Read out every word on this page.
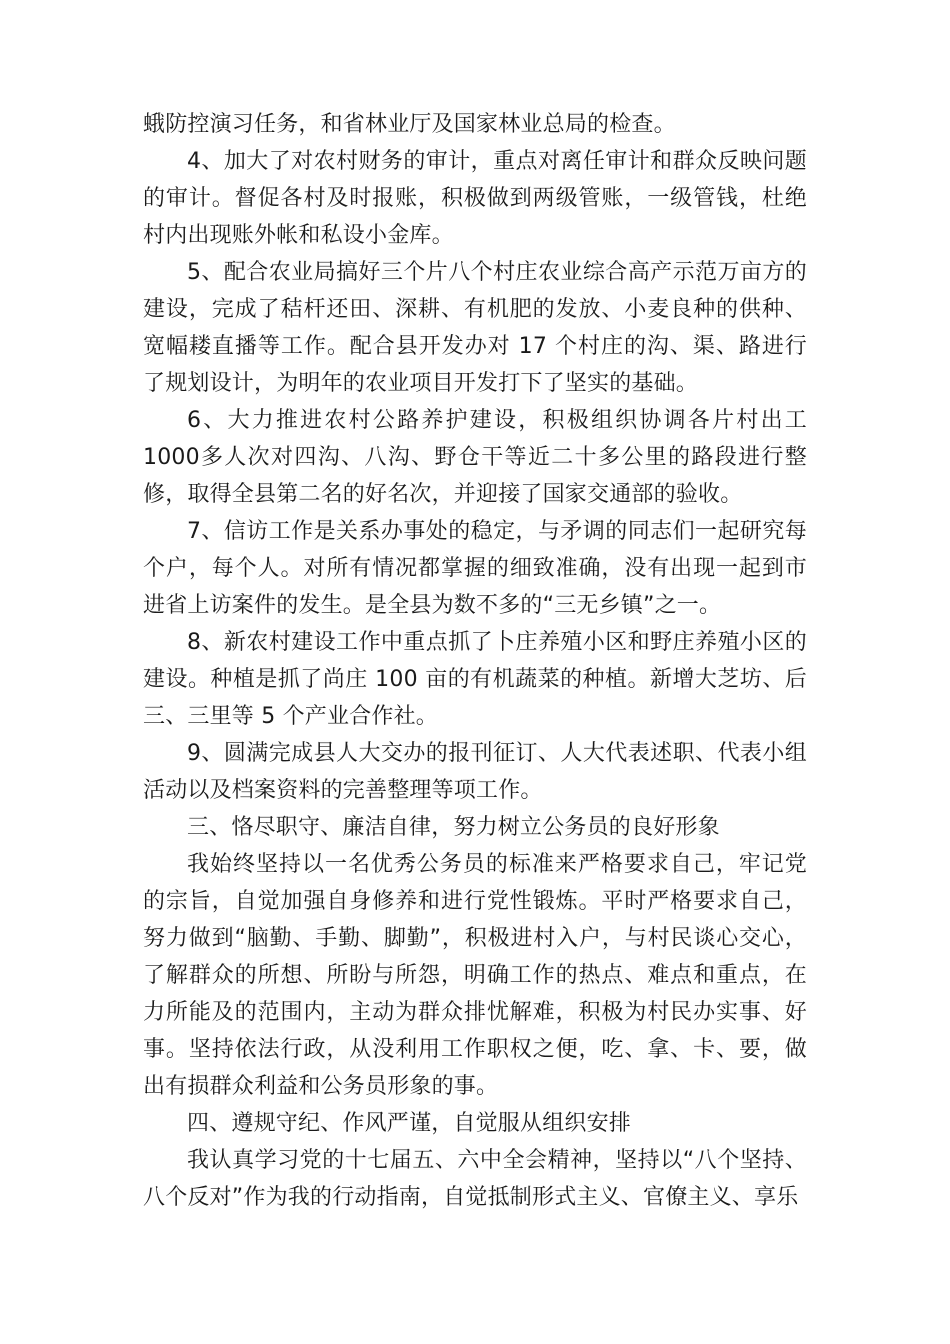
蛾防控演习任务，和省林业厅及国家林业总局的检查。

4、加大了对农村财务的审计，重点对离任审计和群众反映问题的审计。督促各村及时报账，积极做到两级管账，一级管钱，杜绝村内出现账外帐和私设小金库。

5、配合农业局搞好三个片八个村庄农业综合高产示范万亩方的建设，完成了秸杆还田、深耕、有机肥的发放、小麦良种的供种、宽幅耧直播等工作。配合县开发办对 17 个村庄的沟、渠、路进行了规划设计，为明年的农业项目开发打下了坚实的基础。

6、大力推进农村公路养护建设，积极组织协调各片村出工 1000多人次对四沟、八沟、野仓干等近二十多公里的路段进行整修，取得全县第二名的好名次，并迎接了国家交通部的验收。

7、信访工作是关系办事处的稳定，与矛调的同志们一起研究每个户，每个人。对所有情况都掌握的细致准确，没有出现一起到市进省上访案件的发生。是全县为数不多的“三无乡镇”之一。

8、新农村建设工作中重点抓了卜庄养殖小区和野庄养殖小区的建设。种植是抓了尚庄 100 亩的有机蔬菜的种植。新增大芝坊、后三、三里等 5 个产业合作社。

9、圆满完成县人大交办的报刊征订、人大代表述职、代表小组活动以及档案资料的完善整理等项工作。

三、恪尽职守、廉洁自律，努力树立公务员的良好形象

我始终坚持以一名优秀公务员的标准来严格要求自己，牢记党的宗旨，自觉加强自身修养和进行党性锻炼。平时严格要求自己，努力做到“脑勤、手勤、脚勤”，积极进村入户，与村民谈心交心，了解群众的所想、所盼与所怨，明确工作的热点、难点和重点，在力所能及的范围内，主动为群众排忧解难，积极为村民办实事、好事。坚持依法行政，从没利用工作职权之便，吃、拿、卡、要，做出有损群众利益和公务员形象的事。

四、遵规守纪、作风严谨，自觉服从组织安排

我认真学习党的十七届五、六中全会精神，坚持以“八个坚持、八个反对”作为我的行动指南，自觉抵制形式主义、官僚主义、享乐
